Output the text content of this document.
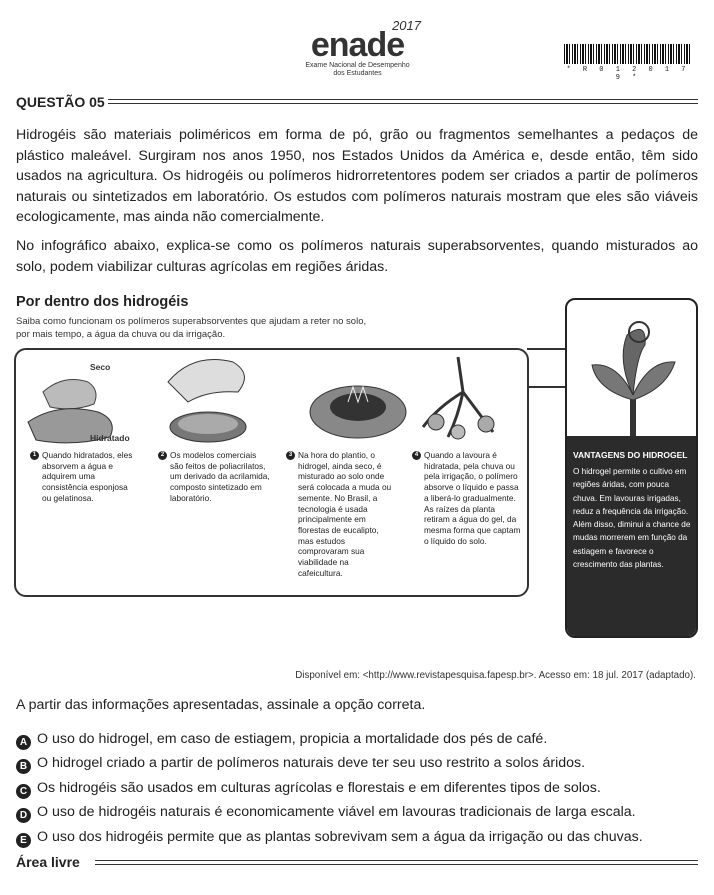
2017
enade
Exame Nacional de Desempenho
dos Estudantes	* R 0 1 2 0 1 7 9 *
QUESTÃO 05

Hidrogéis são materiais poliméricos em forma de pó, grão ou fragmentos semelhantes a pedaços de plástico maleável. Surgiram nos anos 1950, nos Estados Unidos da América e, desde então, têm sido usados na agricultura. Os hidrogéis ou polímeros hidrorretentores podem ser criados a partir de polímeros naturais ou sintetizados em laboratório. Os estudos com polímeros naturais mostram que eles são viáveis ecologicamente, mas ainda não comercialmente.

No infográfico abaixo, explica-se como os polímeros naturais superabsorventes, quando misturados ao solo, podem viabilizar culturas agrícolas em regiões áridas.

Por dentro dos hidrogéis
Saiba como funcionam os polímeros superabsorventes que ajudam a reter no solo, por mais tempo, a água da chuva ou da irrigação.
Seco
Hidratado
1 Quando hidratados, eles absorvem a água e adquirem uma consistência esponjosa ou gelatinosa.
2 Os modelos comerciais são feitos de poliacrilatos, um derivado da acrilamida, composto sintetizado em laboratório.
3 Na hora do plantio, o hidrogel, ainda seco, é misturado ao solo onde será colocada a muda ou semente. No Brasil, a tecnologia é usada principalmente em florestas de eucalipto, mas estudos comprovaram sua viabilidade na cafeicultura.
4 Quando a lavoura é hidratada, pela chuva ou pela irrigação, o polímero absorve o líquido e passa a liberá-lo gradualmente. As raízes da planta retiram a água do gel, da mesma forma que captam o líquido do solo.
VANTAGENS DO HIDROGEL
O hidrogel permite o cultivo em regiões áridas, com pouca chuva. Em lavouras irrigadas, reduz a frequência da irrigação. Além disso, diminui a chance de mudas morrerem em função da estiagem e favorece o crescimento das plantas.
Disponível em: <http://www.revistapesquisa.fapesp.br>. Acesso em: 18 jul. 2017 (adaptado).
A partir das informações apresentadas, assinale a opção correta.
A O uso do hidrogel, em caso de estiagem, propicia a mortalidade dos pés de café.
B O hidrogel criado a partir de polímeros naturais deve ter seu uso restrito a solos áridos.
C Os hidrogéis são usados em culturas agrícolas e florestais e em diferentes tipos de solos.
D O uso de hidrogéis naturais é economicamente viável em lavouras tradicionais de larga escala.
E O uso dos hidrogéis permite que as plantas sobrevivam sem a água da irrigação ou das chuvas.
Área livre
